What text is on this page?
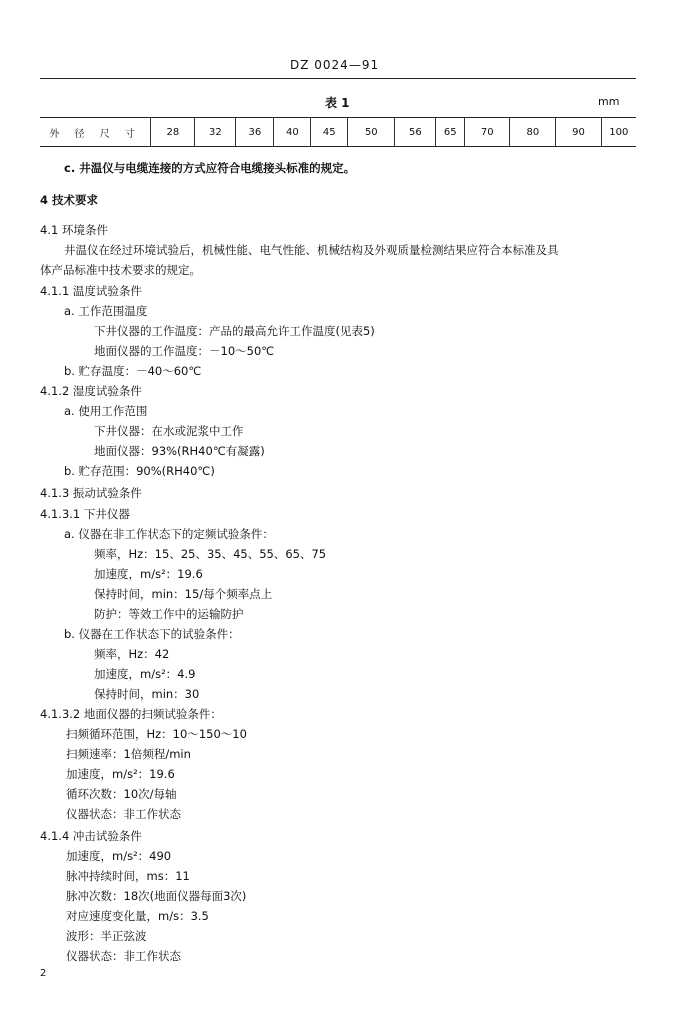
DZ 0024—91
表 1	mm
外 径 尺 寸	28	32	36	40	45	50	56	65	70	80	90	100
c. 井温仪与电缆连接的方式应符合电缆接头标准的规定。
4 技术要求
4.1 环境条件
井温仪在经过环境试验后，机械性能、电气性能、机械结构及外观质量检测结果应符合本标准及具
体产品标准中技术要求的规定。
4.1.1 温度试验条件
a. 工作范围温度
下井仪器的工作温度：产品的最高允许工作温度(见表5)
地面仪器的工作温度：－10～50℃
b. 贮存温度：－40～60℃
4.1.2 湿度试验条件
a. 使用工作范围
下井仪器：在水或泥浆中工作
地面仪器：93%(RH40℃有凝露)
b. 贮存范围：90%(RH40℃)
4.1.3 振动试验条件
4.1.3.1 下井仪器
a. 仪器在非工作状态下的定频试验条件：
频率，Hz：15、25、35、45、55、65、75
加速度，m/s²：19.6
保持时间，min：15/每个频率点上
防护：等效工作中的运输防护
b. 仪器在工作状态下的试验条件：
频率，Hz：42
加速度，m/s²：4.9
保持时间，min：30
4.1.3.2 地面仪器的扫频试验条件：
扫频循环范围，Hz：10～150～10
扫频速率：1倍频程/min
加速度，m/s²：19.6
循环次数：10次/每轴
仪器状态：非工作状态
4.1.4 冲击试验条件
加速度，m/s²：490
脉冲持续时间，ms：11
脉冲次数：18次(地面仪器每面3次)
对应速度变化量，m/s：3.5
波形：半正弦波
仪器状态：非工作状态
2
